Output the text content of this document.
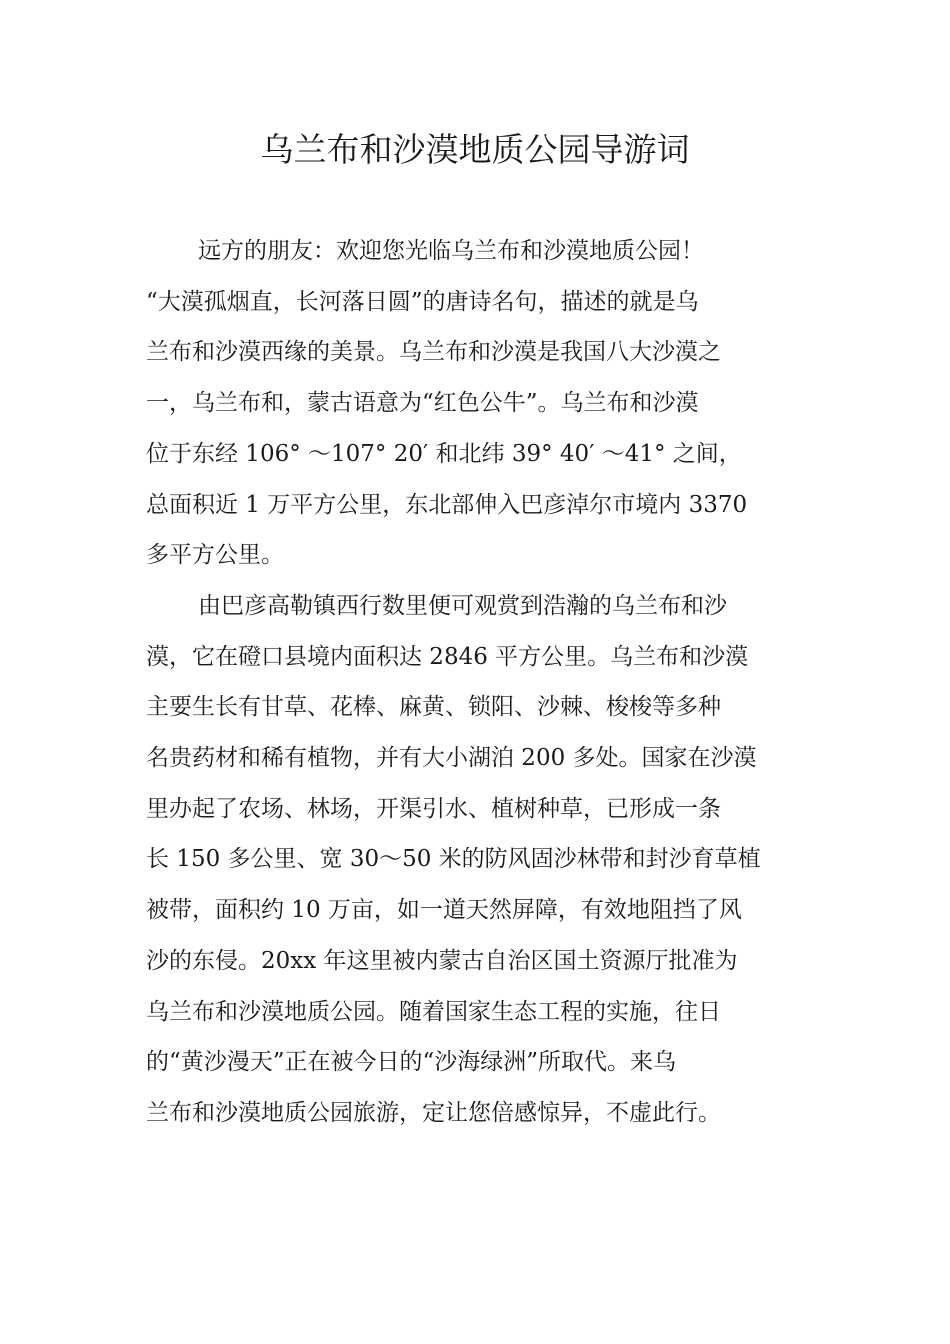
乌兰布和沙漠地质公园导游词

远方的朋友：欢迎您光临乌兰布和沙漠地质公园！
“大漠孤烟直，长河落日圆”的唐诗名句，描述的就是乌
兰布和沙漠西缘的美景。乌兰布和沙漠是我国八大沙漠之
一，乌兰布和，蒙古语意为“红色公牛”。乌兰布和沙漠
位于东经 106° ～107° 20′ 和北纬 39° 40′ ～41° 之间，
总面积近 1 万平方公里，东北部伸入巴彦淖尔市境内 3370
多平方公里。

由巴彦高勒镇西行数里便可观赏到浩瀚的乌兰布和沙
漠，它在磴口县境内面积达 2846 平方公里。乌兰布和沙漠
主要生长有甘草、花棒、麻黄、锁阳、沙棘、梭梭等多种
名贵药材和稀有植物，并有大小湖泊 200 多处。国家在沙漠
里办起了农场、林场，开渠引水、植树种草，已形成一条
长 150 多公里、宽 30～50 米的防风固沙林带和封沙育草植
被带，面积约 10 万亩，如一道天然屏障，有效地阻挡了风
沙的东侵。20xx 年这里被内蒙古自治区国土资源厅批准为
乌兰布和沙漠地质公园。随着国家生态工程的实施，往日
的“黄沙漫天”正在被今日的“沙海绿洲”所取代。来乌
兰布和沙漠地质公园旅游，定让您倍感惊异，不虚此行。
